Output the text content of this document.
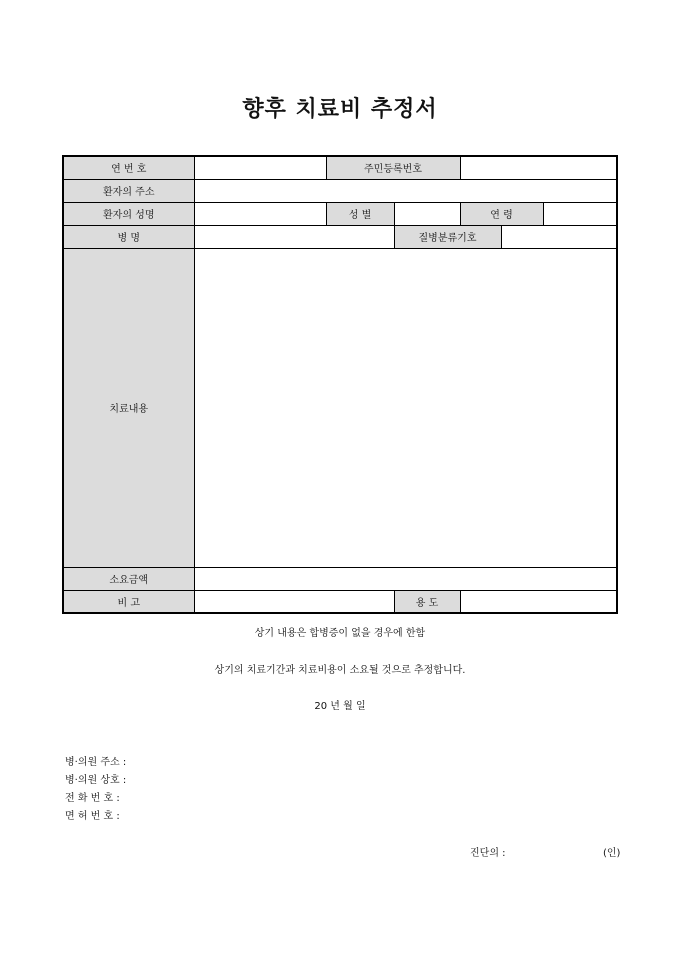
향후 치료비 추정서
연 번 호		주민등록번호				
환자의 주소						
환자의 성명		성 별		연 령		
병 명			질병분류기호			
치료내용						
소요금액						
비 고			용 도			
상기 내용은 합병증이 없을 경우에 한함
상기의 치료기간과 치료비용이 소요될 것으로 추정합니다.
20 년 월 일
병·의원 주소 :
병·의원 상호 :
전 화 번 호 :
면 허 번 호 :
진단의 :	(인)
